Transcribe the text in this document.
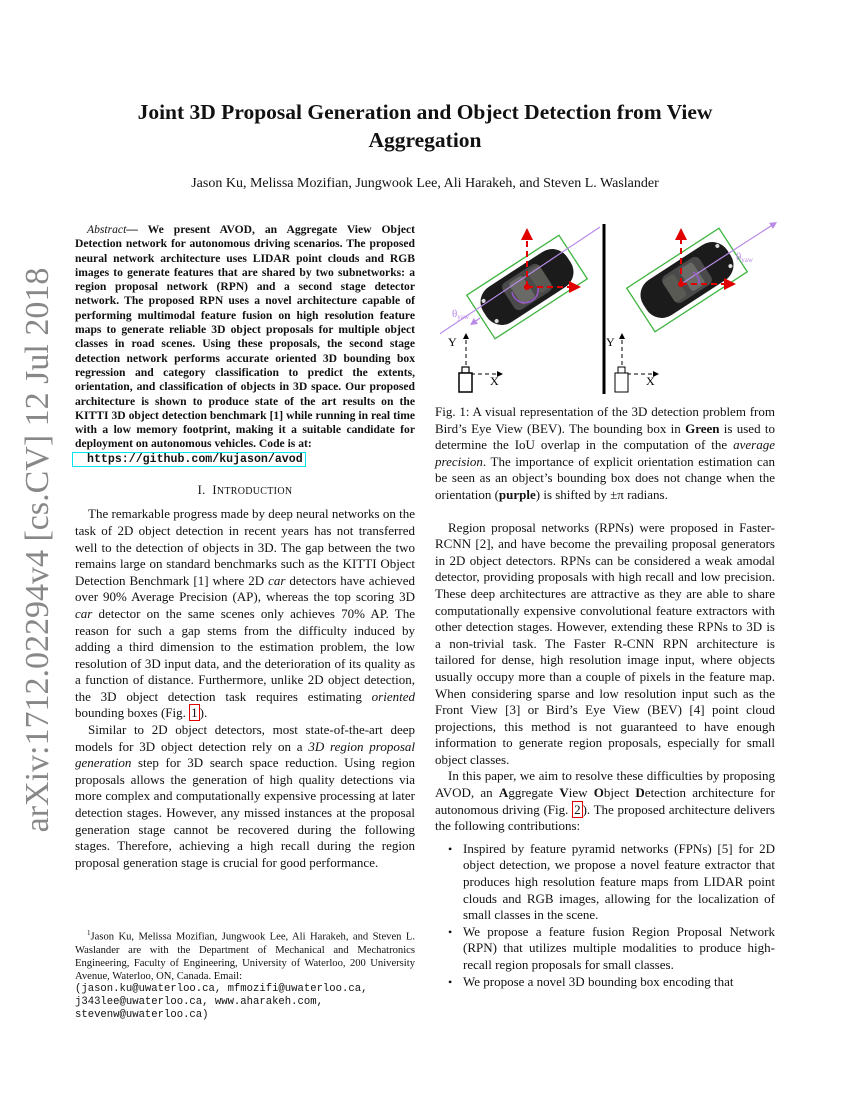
arXiv:1712.02294v4 [cs.CV] 12 Jul 2018
Joint 3D Proposal Generation and Object Detection from View Aggregation
Jason Ku, Melissa Mozifian, Jungwook Lee, Ali Harakeh, and Steven L. Waslander

Abstract— We present AVOD, an Aggregate View Object Detection network for autonomous driving scenarios. The proposed neural network architecture uses LIDAR point clouds and RGB images to generate features that are shared by two subnetworks: a region proposal network (RPN) and a second stage detector network. The proposed RPN uses a novel architecture capable of performing multimodal feature fusion on high resolution feature maps to generate reliable 3D object proposals for multiple object classes in road scenes. Using these proposals, the second stage detection network performs accurate oriented 3D bounding box regression and category classification to predict the extents, orientation, and classification of objects in 3D space. Our proposed architecture is shown to produce state of the art results on the KITTI 3D object detection benchmark [1] while running in real time with a low memory footprint, making it a suitable candidate for deployment on autonomous vehicles. Code is at:
https://github.com/kujason/avod

I. INTRODUCTION

The remarkable progress made by deep neural networks on the task of 2D object detection in recent years has not transferred well to the detection of objects in 3D. The gap between the two remains large on standard benchmarks such as the KITTI Object Detection Benchmark [1] where 2D car detectors have achieved over 90% Average Precision (AP), whereas the top scoring 3D car detector on the same scenes only achieves 70% AP. The reason for such a gap stems from the difficulty induced by adding a third dimension to the estimation problem, the low resolution of 3D input data, and the deterioration of its quality as a function of distance. Furthermore, unlike 2D object detection, the 3D object detection task requires estimating oriented bounding boxes (Fig. 1 ).

Similar to 2D object detectors, most state-of-the-art deep models for 3D object detection rely on a 3D region proposal generation step for 3D search space reduction. Using region proposals allows the generation of high quality detections via more complex and computationally expensive processing at later detection stages. However, any missed instances at the proposal generation stage cannot be recovered during the following stages. Therefore, achieving a high recall during the region proposal generation stage is crucial for good performance.

$^1$Jason Ku, Melissa Mozifian, Jungwook Lee, Ali Harakeh, and Steven L. Waslander are with the Department of Mechanical and Mechatronics Engineering, Faculty of Engineering, University of Waterloo, 200 University Avenue, Waterloo, ON, Canada. Email:
(jason.ku@uwaterloo.ca, mfmozifi@uwaterloo.ca,
j343lee@uwaterloo.ca, www.aharakeh.com,
stevenw@uwaterloo.ca)
θyaw
Y
X
θyaw
Y
X

Fig. 1: A visual representation of the 3D detection problem from Bird’s Eye View (BEV). The bounding box in Green is used to determine the IoU overlap in the computation of the average precision. The importance of explicit orientation estimation can be seen as an object’s bounding box does not change when the orientation (purple) is shifted by ±π radians.

Region proposal networks (RPNs) were proposed in Faster-RCNN [2], and have become the prevailing proposal generators in 2D object detectors. RPNs can be considered a weak amodal detector, providing proposals with high recall and low precision. These deep architectures are attractive as they are able to share computationally expensive convolutional feature extractors with other detection stages. However, extending these RPNs to 3D is a non-trivial task. The Faster R-CNN RPN architecture is tailored for dense, high resolution image input, where objects usually occupy more than a couple of pixels in the feature map. When considering sparse and low resolution input such as the Front View [3] or Bird’s Eye View (BEV) [4] point cloud projections, this method is not guaranteed to have enough information to generate region proposals, especially for small object classes.

In this paper, we aim to resolve these difficulties by proposing AVOD, an Aggregate View Object Detection architecture for autonomous driving (Fig. 2 ). The proposed architecture delivers the following contributions:

• Inspired by feature pyramid networks (FPNs) [5] for 2D object detection, we propose a novel feature extractor that produces high resolution feature maps from LIDAR point clouds and RGB images, allowing for the localization of small classes in the scene.
• We propose a feature fusion Region Proposal Network (RPN) that utilizes multiple modalities to produce high-recall region proposals for small classes.
• We propose a novel 3D bounding box encoding that
